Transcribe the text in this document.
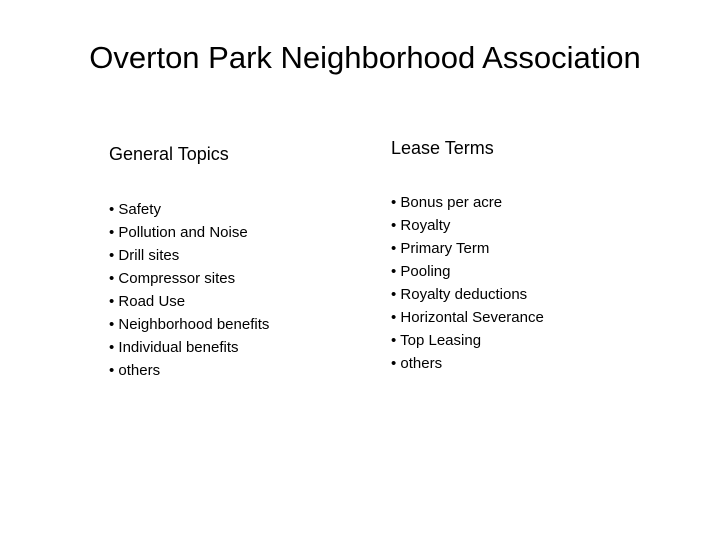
Overton Park Neighborhood Association
General Topics
• Safety
• Pollution and Noise
• Drill sites
• Compressor sites
• Road Use
• Neighborhood benefits
• Individual benefits
• others
Lease Terms
• Bonus per acre
• Royalty
• Primary Term
• Pooling
• Royalty deductions
• Horizontal Severance
• Top Leasing
• others
